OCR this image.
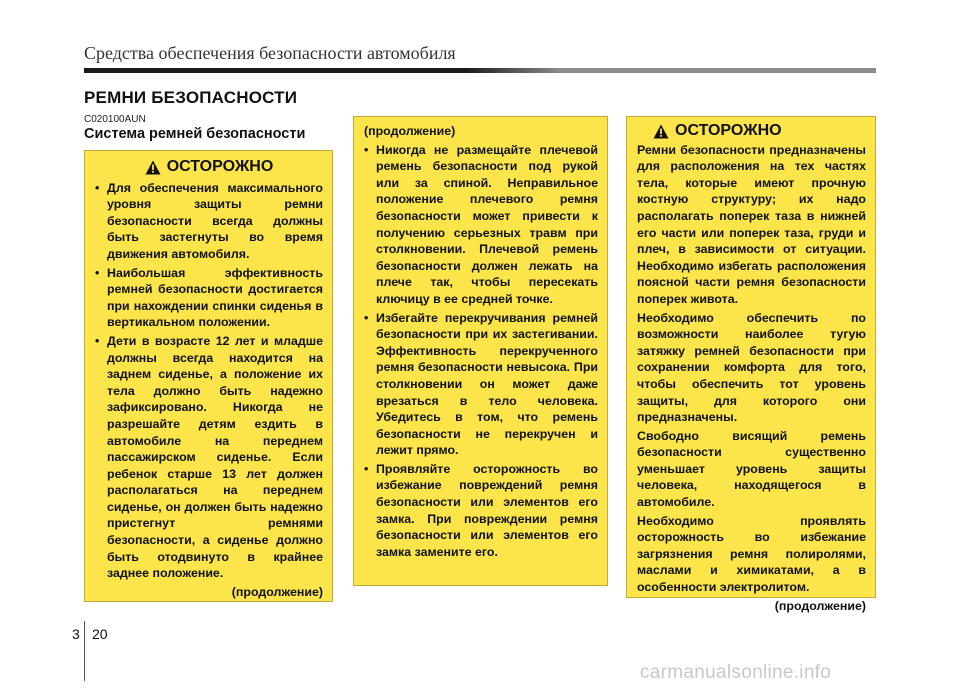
Средства обеспечения безопасности автомобиля
РЕМНИ БЕЗОПАСНОСТИ
C020100AUN
Система ремней безопасности
ОСТОРОЖНО
• Для обеспечения максимального уровня защиты ремни безопасности всегда должны быть застегнуты во время движения автомобиля.
• Наибольшая эффективность ремней безопасности достигается при нахождении спинки сиденья в вертикальном положении.
• Дети в возрасте 12 лет и младше должны всегда находится на заднем сиденье, а положение их тела должно быть надежно зафиксировано. Никогда не разрешайте детям ездить в автомобиле на переднем пассажирском сиденье. Если ребенок старше 13 лет должен располагаться на переднем сиденье, он должен быть надежно пристегнут ремнями безопасности, а сиденье должно быть отодвинуто в крайнее заднее положение.
(продолжение)
(продолжение)
• Никогда не размещайте плечевой ремень безопасности под рукой или за спиной. Неправильное положение плечевого ремня безопасности может привести к получению серьезных травм при столкновении. Плечевой ремень безопасности должен лежать на плече так, чтобы пересекать ключицу в ее средней точке.
• Избегайте перекручивания ремней безопасности при их застегивании. Эффективность перекрученного ремня безопасности невысока. При столкновении он может даже врезаться в тело человека. Убедитесь в том, что ремень безопасности не перекручен и лежит прямо.
• Проявляйте осторожность во избежание повреждений ремня безопасности или элементов его замка. При повреждении ремня безопасности или элементов его замка замените его.
ОСТОРОЖНО

Ремни безопасности предназначены для расположения на тех частях тела, которые имеют прочную костную структуру; их надо располагать поперек таза в нижней его части или поперек таза, груди и плеч, в зависимости от ситуации. Необходимо избегать расположения поясной части ремня безопасности поперек живота.

Необходимо обеспечить по возможности наиболее тугую затяжку ремней безопасности при сохранении комфорта для того, чтобы обеспечить тот уровень защиты, для которого они предназначены.

Свободно висящий ремень безопасности существенно уменьшает уровень защиты человека, находящегося в автомобиле.

Необходимо проявлять осторожность во избежание загрязнения ремня полиролями, маслами и химикатами, а в особенности электролитом.

(продолжение)
3 20
carmanualsonline.info
